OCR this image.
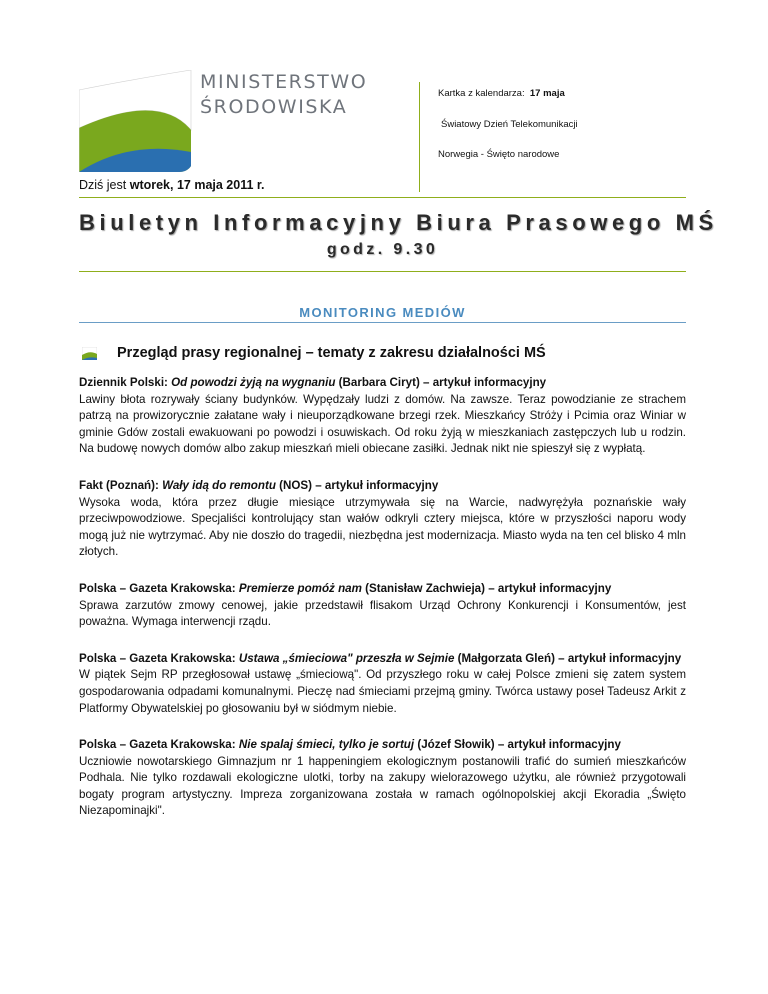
MINISTERSTWO
ŚRODOWISKA
Kartka z kalendarza: 17 maja
Światowy Dzień Telekomunikacji
Norwegia - Święto narodowe
Dziś jest wtorek, 17 maja 2011 r.
Biuletyn Informacyjny Biura Prasowego MŚ
godz. 9.30
MONITORING MEDIÓW
Przegląd prasy regionalnej – tematy z zakresu działalności MŚ
Dziennik Polski: Od powodzi żyją na wygnaniu (Barbara Ciryt) – artykuł informacyjny

Lawiny błota rozrywały ściany budynków. Wypędzały ludzi z domów. Na zawsze. Teraz powodzianie ze strachem patrzą na prowizorycznie załatane wały i nieuporządkowane brzegi rzek. Mieszkańcy Stróży i Pcimia oraz Winiar w gminie Gdów zostali ewakuowani po powodzi i osuwiskach. Od roku żyją w mieszkaniach zastępczych lub u rodzin. Na budowę nowych domów albo zakup mieszkań mieli obiecane zasiłki. Jednak nikt nie spieszył się z wypłatą.

Fakt (Poznań): Wały idą do remontu (NOS) – artykuł informacyjny

Wysoka woda, która przez długie miesiące utrzymywała się na Warcie, nadwyrężyła poznańskie wały przeciwpowodziowe. Specjaliści kontrolujący stan wałów odkryli cztery miejsca, które w przyszłości naporu wody mogą już nie wytrzymać. Aby nie doszło do tragedii, niezbędna jest modernizacja. Miasto wyda na ten cel blisko 4 mln złotych.

Polska – Gazeta Krakowska: Premierze pomóż nam (Stanisław Zachwieja) – artykuł informacyjny

Sprawa zarzutów zmowy cenowej, jakie przedstawił flisakom Urząd Ochrony Konkurencji i Konsumentów, jest poważna. Wymaga interwencji rządu.

Polska – Gazeta Krakowska: Ustawa „śmieciowa" przeszła w Sejmie (Małgorzata Gleń) – artykuł informacyjny

W piątek Sejm RP przegłosował ustawę „śmieciową". Od przyszłego roku w całej Polsce zmieni się zatem system gospodarowania odpadami komunalnymi. Pieczę nad śmieciami przejmą gminy. Twórca ustawy poseł Tadeusz Arkit z Platformy Obywatelskiej po głosowaniu był w siódmym niebie.

Polska – Gazeta Krakowska: Nie spalaj śmieci, tylko je sortuj (Józef Słowik) – artykuł informacyjny

Uczniowie nowotarskiego Gimnazjum nr 1 happeningiem ekologicznym postanowili trafić do sumień mieszkańców Podhala. Nie tylko rozdawali ekologiczne ulotki, torby na zakupy wielorazowego użytku, ale również przygotowali bogaty program artystyczny. Impreza zorganizowana została w ramach ogólnopolskiej akcji Ekoradia „Święto Niezapominajki".
